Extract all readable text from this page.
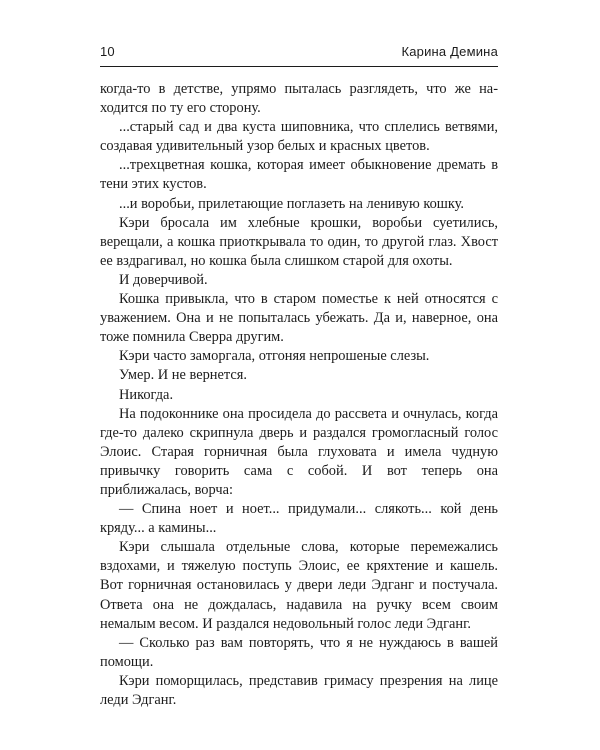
10	Карина Демина

когда-то в детстве, упрямо пыталась разглядеть, что же находится по ту его сторону.

...старый сад и два куста шиповника, что сплелись ветвями, создавая удивительный узор белых и красных цветов.

...трехцветная кошка, которая имеет обыкновение дремать в тени этих кустов.

...и воробьи, прилетающие поглазеть на ленивую кошку.

Кэри бросала им хлебные крошки, воробьи суетились, верещали, а кошка приоткрывала то один, то другой глаз. Хвост ее вздрагивал, но кошка была слишком старой для охоты.

И доверчивой.

Кошка привыкла, что в старом поместье к ней относятся с уважением. Она и не попыталась убежать. Да и, наверное, она тоже помнила Сверра другим.

Кэри часто заморгала, отгоняя непрошеные слезы.

Умер. И не вернется.

Никогда.

На подоконнике она просидела до рассвета и очнулась, когда где-то далеко скрипнула дверь и раздался громогласный голос Элоис. Старая горничная была глуховата и имела чудную привычку говорить сама с собой. И вот теперь она приближалась, ворча:

— Спина ноет и ноет... придумали... слякоть... кой день кряду... а камины...

Кэри слышала отдельные слова, которые перемежались вздохами, и тяжелую поступь Элоис, ее кряхтение и кашель. Вот горничная остановилась у двери леди Эдганг и постучала. Ответа она не дождалась, надавила на ручку всем своим немалым весом. И раздался недовольный голос леди Эдганг.

— Сколько раз вам повторять, что я не нуждаюсь в вашей помощи.

Кэри поморщилась, представив гримасу презрения на лице леди Эдганг.
